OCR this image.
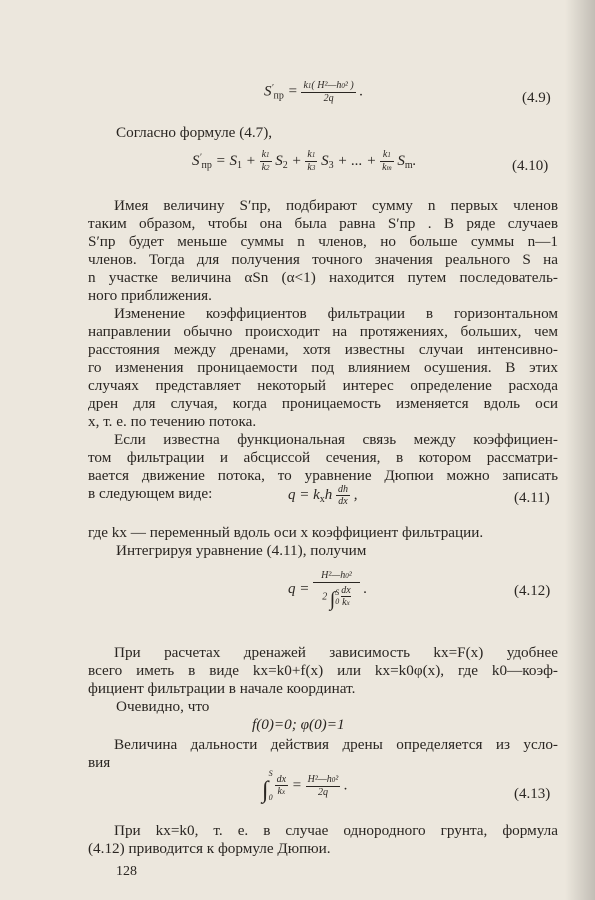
$S'_{пр} = \frac{\text{k1( H²—h0² )}}{2q}$ .	(4.9)
Согласно формуле (4.7),
$S'_{пр} = S_1 + \frac{k1}{k2} S_2 + \frac{k1}{k3} S_3$ + ... + $\frac{k1}{km} S_m$.	(4.10)
Имея величину S′пр, подбирают сумму n первых членов
таким образом, чтобы она была равна S′пр . В ряде случаев
S′пр будет меньше суммы n членов, но больше суммы n—1
членов. Тогда для получения точного значения реального S на
n участке величина αSn (α<1) находится путем последователь-
ного приближения.
Изменение коэффициентов фильтрации в горизонтальном
направлении обычно происходит на протяжениях, больших, чем
расстояния между дренами, хотя известны случаи интенсивно-
го изменения проницаемости под влиянием осушения. В этих
случаях представляет некоторый интерес определение расхода
дрен для случая, когда проницаемость изменяется вдоль оси
x, т. е. по течению потока.
Если известна функциональная связь между коэффициен-
том фильтрации и абсциссой сечения, в котором рассматри-
вается движение потока, то уравнение Дюпюи можно записать
в следующем виде:	$q = k_xh \frac{dh}{dx}$ ,	(4.11)
где kx — переменный вдоль оси x коэффициент фильтрации.
Интегрируя уравнение (4.11), получим
q =
H²—h0²
2 ∫S
$0 \frac{dx}{kx}$ .	(4.12)
При расчетах дренажей зависимость kx=F(x) удобнее
всего иметь в виде kx=k0+f(x) или kx=k0φ(x), где k0—коэф-
фициент фильтрации в начале координат.
Очевидно, что
f(0)=0; φ(0)=1
Величина дальности действия дрены определяется из усло-
вия
∫S

$0 \frac{dx}{kx} = \frac{\text{H²—h0²}}{2q}$ .
(4.13)
При kx=k0, т. е. в случае однородного грунта, формула
(4.12) приводится к формуле Дюпюи.
128
